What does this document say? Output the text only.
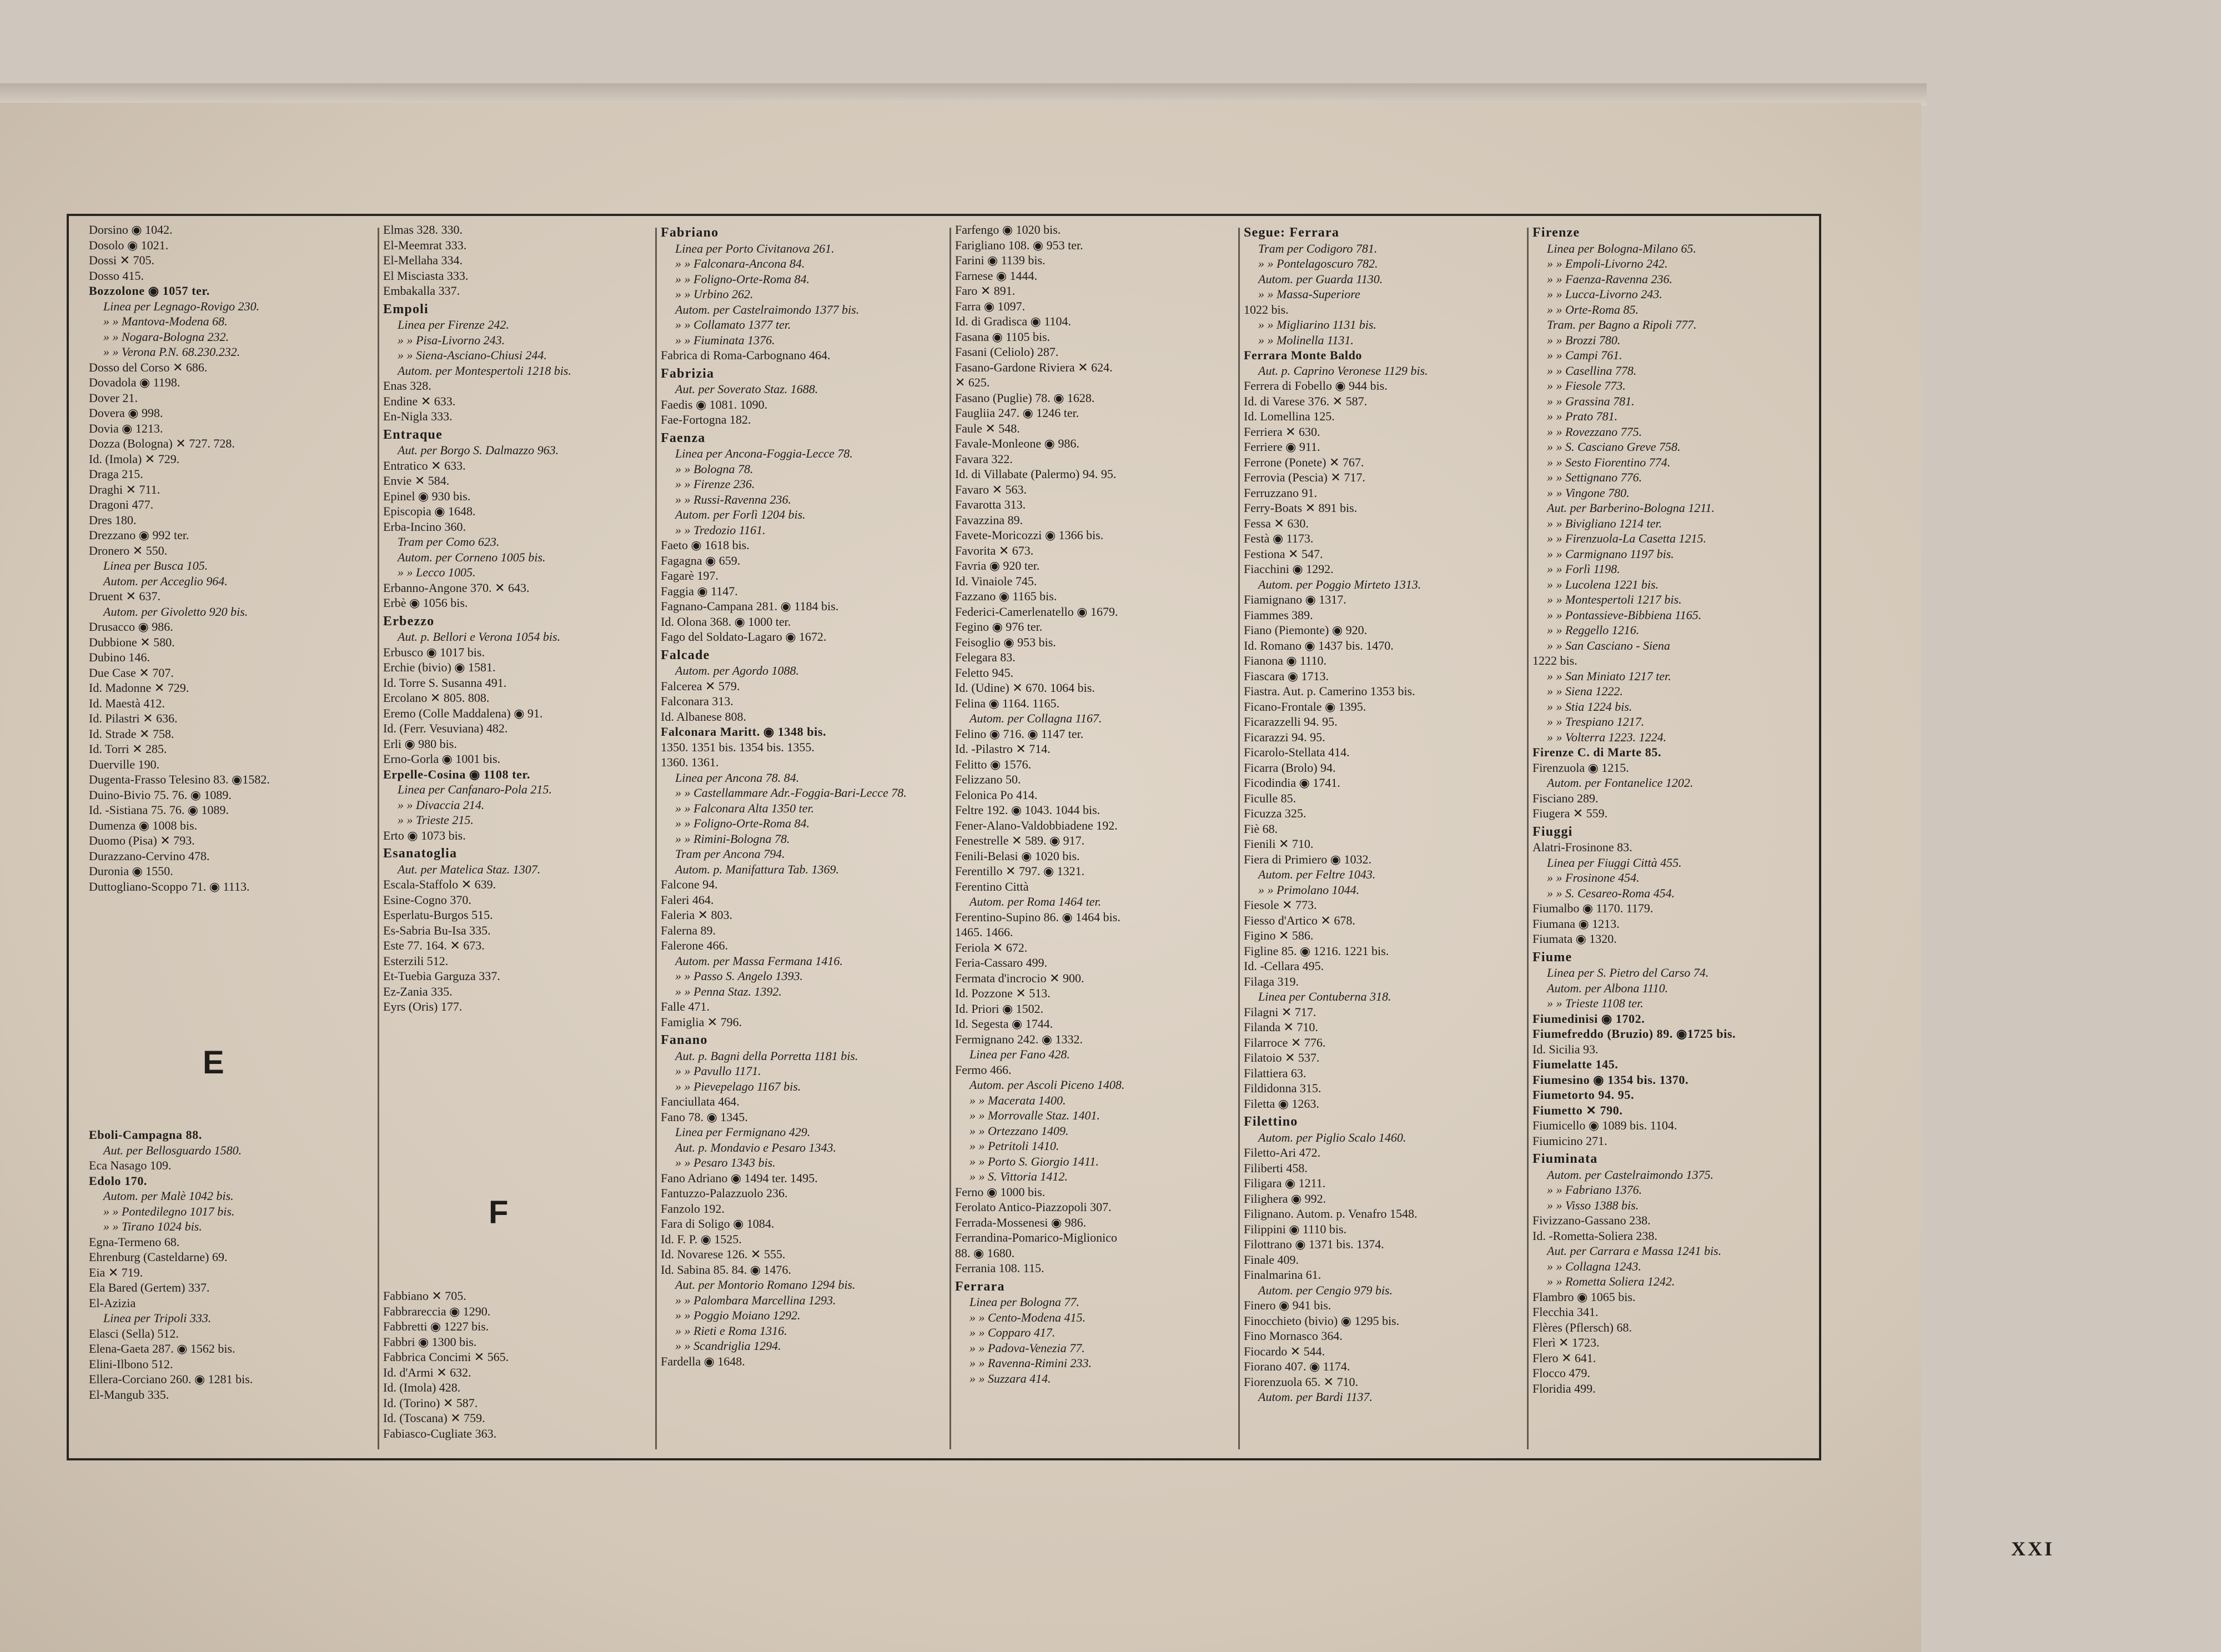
Dorsino ◉ 1042.
Dosolo ◉ 1021.
Dossi ✕ 705.
Dosso 415.
Bozzolone ◉ 1057 ter.
Linea per Legnago-Rovigo 230.
» » Mantova-Modena 68.
» » Nogara-Bologna 232.
» » Verona P.N. 68.230.232.
Dosso del Corso ✕ 686.
Dovadola ◉ 1198.
Dover 21.
Dovera ◉ 998.
Dovia ◉ 1213.
Dozza (Bologna) ✕ 727. 728.
Id. (Imola) ✕ 729.
Draga 215.
Draghi ✕ 711.
Dragoni 477.
Dres 180.
Drezzano ◉ 992 ter.
Dronero ✕ 550.
Linea per Busca 105.
Autom. per Acceglio 964.
Druent ✕ 637.
Autom. per Givoletto 920 bis.
Drusacco ◉ 986.
Dubbione ✕ 580.
Dubino 146.
Due Case ✕ 707.
Id. Madonne ✕ 729.
Id. Maestà 412.
Id. Pilastri ✕ 636.
Id. Strade ✕ 758.
Id. Torri ✕ 285.
Duerville 190.
Dugenta-Frasso Telesino 83. ◉1582.
Duino-Bivio 75. 76. ◉ 1089.
Id. -Sistiana 75. 76. ◉ 1089.
Dumenza ◉ 1008 bis.
Duomo (Pisa) ✕ 793.
Durazzano-Cervino 478.
Duronia ◉ 1550.
Duttogliano-Scoppo 71. ◉ 1113.
E
Eboli-Campagna 88.
Aut. per Bellosguardo 1580.
Eca Nasago 109.
Edolo 170.
Autom. per Malè 1042 bis.
» » Pontedilegno 1017 bis.
» » Tirano 1024 bis.
Egna-Termeno 68.
Ehrenburg (Casteldarne) 69.
Eia ✕ 719.
Ela Bared (Gertem) 337.
El-Azizia
Linea per Tripoli 333.
Elasci (Sella) 512.
Elena-Gaeta 287. ◉ 1562 bis.
Elini-Ilbono 512.
Ellera-Corciano 260. ◉ 1281 bis.
El-Mangub 335.
Elmas 328. 330.
El-Meemrat 333.
El-Mellaha 334.
El Misciasta 333.
Embakalla 337.
Empoli
Linea per Firenze 242.
» » Pisa-Livorno 243.
» » Siena-Asciano-Chiusi 244.
Autom. per Montespertoli 1218 bis.
Enas 328.
Endine ✕ 633.
En-Nigla 333.
Entraque
Aut. per Borgo S. Dalmazzo 963.
Entratico ✕ 633.
Envie ✕ 584.
Epinel ◉ 930 bis.
Episcopia ◉ 1648.
Erba-Incino 360.
Tram per Como 623.
Autom. per Corneno 1005 bis.
» » Lecco 1005.
Erbanno-Angone 370. ✕ 643.
Erbè ◉ 1056 bis.
Erbezzo
Aut. p. Bellori e Verona 1054 bis.
Erbusco ◉ 1017 bis.
Erchie (bivio) ◉ 1581.
Id. Torre S. Susanna 491.
Ercolano ✕ 805. 808.
Eremo (Colle Maddalena) ◉ 91.
Id. (Ferr. Vesuviana) 482.
Erli ◉ 980 bis.
Erno-Gorla ◉ 1001 bis.
Erpelle-Cosina ◉ 1108 ter.
Linea per Canfanaro-Pola 215.
» » Divaccia 214.
» » Trieste 215.
Erto ◉ 1073 bis.
Esanatoglia
Aut. per Matelica Staz. 1307.
Escala-Staffolo ✕ 639.
Esine-Cogno 370.
Esperlatu-Burgos 515.
Es-Sabria Bu-Isa 335.
Este 77. 164. ✕ 673.
Esterzili 512.
Et-Tuebia Garguza 337.
Ez-Zania 335.
Eyrs (Oris) 177.
F
Fabbiano ✕ 705.
Fabbrareccia ◉ 1290.
Fabbretti ◉ 1227 bis.
Fabbri ◉ 1300 bis.
Fabbrica Concimi ✕ 565.
Id. d'Armi ✕ 632.
Id. (Imola) 428.
Id. (Torino) ✕ 587.
Id. (Toscana) ✕ 759.
Fabiasco-Cugliate 363.
Fabriano
Linea per Porto Civitanova 261.
» » Falconara-Ancona 84.
» » Foligno-Orte-Roma 84.
» » Urbino 262.
Autom. per Castelraimondo 1377 bis.
» » Collamato 1377 ter.
» » Fiuminata 1376.
Fabrica di Roma-Carbognano 464.
Fabrizia
Aut. per Soverato Staz. 1688.
Faedis ◉ 1081. 1090.
Fae-Fortogna 182.
Faenza
Linea per Ancona-Foggia-Lecce 78.
» » Bologna 78.
» » Firenze 236.
» » Russi-Ravenna 236.
Autom. per Forlì 1204 bis.
» » Tredozio 1161.
Faeto ◉ 1618 bis.
Fagagna ◉ 659.
Fagarè 197.
Faggia ◉ 1147.
Fagnano-Campana 281. ◉ 1184 bis.
Id. Olona 368. ◉ 1000 ter.
Fago del Soldato-Lagaro ◉ 1672.
Falcade
Autom. per Agordo 1088.
Falcerea ✕ 579.
Falconara 313.
Id. Albanese 808.
Falconara Maritt. ◉ 1348 bis.
1350. 1351 bis. 1354 bis. 1355.
1360. 1361.
Linea per Ancona 78. 84.
» » Castellammare Adr.-Foggia-Bari-Lecce 78.
» » Falconara Alta 1350 ter.
» » Foligno-Orte-Roma 84.
» » Rimini-Bologna 78.
Tram per Ancona 794.
Autom. p. Manifattura Tab. 1369.
Falcone 94.
Faleri 464.
Faleria ✕ 803.
Falerna 89.
Falerone 466.
Autom. per Massa Fermana 1416.
» » Passo S. Angelo 1393.
» » Penna Staz. 1392.
Falle 471.
Famiglia ✕ 796.
Fanano
Aut. p. Bagni della Porretta 1181 bis.
» » Pavullo 1171.
» » Pievepelago 1167 bis.
Fanciullata 464.
Fano 78. ◉ 1345.
Linea per Fermignano 429.
Aut. p. Mondavio e Pesaro 1343.
» » Pesaro 1343 bis.
Fano Adriano ◉ 1494 ter. 1495.
Fantuzzo-Palazzuolo 236.
Fanzolo 192.
Fara di Soligo ◉ 1084.
Id. F. P. ◉ 1525.
Id. Novarese 126. ✕ 555.
Id. Sabina 85. 84. ◉ 1476.
Aut. per Montorio Romano 1294 bis.
» » Palombara Marcellina 1293.
» » Poggio Moiano 1292.
» » Rieti e Roma 1316.
» » Scandriglia 1294.
Fardella ◉ 1648.
Farfengo ◉ 1020 bis.
Farigliano 108. ◉ 953 ter.
Farini ◉ 1139 bis.
Farnese ◉ 1444.
Faro ✕ 891.
Farra ◉ 1097.
Id. di Gradisca ◉ 1104.
Fasana ◉ 1105 bis.
Fasani (Celiolo) 287.
Fasano-Gardone Riviera ✕ 624.
✕ 625.
Fasano (Puglie) 78. ◉ 1628.
Faugliia 247. ◉ 1246 ter.
Faule ✕ 548.
Favale-Monleone ◉ 986.
Favara 322.
Id. di Villabate (Palermo) 94. 95.
Favaro ✕ 563.
Favarotta 313.
Favazzina 89.
Favete-Moricozzi ◉ 1366 bis.
Favorita ✕ 673.
Favria ◉ 920 ter.
Id. Vinaiole 745.
Fazzano ◉ 1165 bis.
Federici-Camerlenatello ◉ 1679.
Fegino ◉ 976 ter.
Feisoglio ◉ 953 bis.
Felegara 83.
Feletto 945.
Id. (Udine) ✕ 670. 1064 bis.
Felina ◉ 1164. 1165.
Autom. per Collagna 1167.
Felino ◉ 716. ◉ 1147 ter.
Id. -Pilastro ✕ 714.
Felitto ◉ 1576.
Felizzano 50.
Felonica Po 414.
Feltre 192. ◉ 1043. 1044 bis.
Fener-Alano-Valdobbiadene 192.
Fenestrelle ✕ 589. ◉ 917.
Fenili-Belasi ◉ 1020 bis.
Ferentillo ✕ 797. ◉ 1321.
Ferentino Città
Autom. per Roma 1464 ter.
Ferentino-Supino 86. ◉ 1464 bis.
1465. 1466.
Feriola ✕ 672.
Feria-Cassaro 499.
Fermata d'incrocio ✕ 900.
Id. Pozzone ✕ 513.
Id. Priori ◉ 1502.
Id. Segesta ◉ 1744.
Fermignano 242. ◉ 1332.
Linea per Fano 428.
Fermo 466.
Autom. per Ascoli Piceno 1408.
» » Macerata 1400.
» » Morrovalle Staz. 1401.
» » Ortezzano 1409.
» » Petritoli 1410.
» » Porto S. Giorgio 1411.
» » S. Vittoria 1412.
Ferno ◉ 1000 bis.
Ferolato Antico-Piazzopoli 307.
Ferrada-Mossenesi ◉ 986.
Ferrandina-Pomarico-Miglionico
88. ◉ 1680.
Ferrania 108. 115.
Ferrara
Linea per Bologna 77.
» » Cento-Modena 415.
» » Copparo 417.
» » Padova-Venezia 77.
» » Ravenna-Rimini 233.
» » Suzzara 414.
Segue: Ferrara
Tram per Codigoro 781.
» » Pontelagoscuro 782.
Autom. per Guarda 1130.
» » Massa-Superiore
1022 bis.
» » Migliarino 1131 bis.
» » Molinella 1131.
Ferrara Monte Baldo
Aut. p. Caprino Veronese 1129 bis.
Ferrera di Fobello ◉ 944 bis.
Id. di Varese 376. ✕ 587.
Id. Lomellina 125.
Ferriera ✕ 630.
Ferriere ◉ 911.
Ferrone (Ponete) ✕ 767.
Ferrovia (Pescia) ✕ 717.
Ferruzzano 91.
Ferry-Boats ✕ 891 bis.
Fessa ✕ 630.
Festà ◉ 1173.
Festiona ✕ 547.
Fiacchini ◉ 1292.
Autom. per Poggio Mirteto 1313.
Fiamignano ◉ 1317.
Fiammes 389.
Fiano (Piemonte) ◉ 920.
Id. Romano ◉ 1437 bis. 1470.
Fianona ◉ 1110.
Fiascara ◉ 1713.
Fiastra. Aut. p. Camerino 1353 bis.
Ficano-Frontale ◉ 1395.
Ficarazzelli 94. 95.
Ficarazzi 94. 95.
Ficarolo-Stellata 414.
Ficarra (Brolo) 94.
Ficodindia ◉ 1741.
Ficulle 85.
Ficuzza 325.
Fiè 68.
Fienili ✕ 710.
Fiera di Primiero ◉ 1032.
Autom. per Feltre 1043.
» » Primolano 1044.
Fiesole ✕ 773.
Fiesso d'Artico ✕ 678.
Figino ✕ 586.
Figline 85. ◉ 1216. 1221 bis.
Id. -Cellara 495.
Filaga 319.
Linea per Contuberna 318.
Filagni ✕ 717.
Filanda ✕ 710.
Filarroce ✕ 776.
Filatoio ✕ 537.
Filattiera 63.
Fildidonna 315.
Filetta ◉ 1263.
Filettino
Autom. per Piglio Scalo 1460.
Filetto-Ari 472.
Filiberti 458.
Filigara ◉ 1211.
Filighera ◉ 992.
Filignano. Autom. p. Venafro 1548.
Filippini ◉ 1110 bis.
Filottrano ◉ 1371 bis. 1374.
Finale 409.
Finalmarina 61.
Autom. per Cengio 979 bis.
Finero ◉ 941 bis.
Finocchieto (bivio) ◉ 1295 bis.
Fino Mornasco 364.
Fiocardo ✕ 544.
Fiorano 407. ◉ 1174.
Fiorenzuola 65. ✕ 710.
Autom. per Bardi 1137.
Firenze
Linea per Bologna-Milano 65.
» » Empoli-Livorno 242.
» » Faenza-Ravenna 236.
» » Lucca-Livorno 243.
» » Orte-Roma 85.
Tram. per Bagno a Ripoli 777.
» » Brozzi 780.
» » Campi 761.
» » Casellina 778.
» » Fiesole 773.
» » Grassina 781.
» » Prato 781.
» » Rovezzano 775.
» » S. Casciano Greve 758.
» » Sesto Fiorentino 774.
» » Settignano 776.
» » Vingone 780.
Aut. per Barberino-Bologna 1211.
» » Bivigliano 1214 ter.
» » Firenzuola-La Casetta 1215.
» » Carmignano 1197 bis.
» » Forlì 1198.
» » Lucolena 1221 bis.
» » Montespertoli 1217 bis.
» » Pontassieve-Bibbiena 1165.
» » Reggello 1216.
» » San Casciano - Siena
1222 bis.
» » San Miniato 1217 ter.
» » Siena 1222.
» » Stia 1224 bis.
» » Trespiano 1217.
» » Volterra 1223. 1224.
Firenze C. di Marte 85.
Firenzuola ◉ 1215.
Autom. per Fontanelice 1202.
Fisciano 289.
Fiugera ✕ 559.
Fiuggi
Alatri-Frosinone 83.
Linea per Fiuggi Città 455.
» » Frosinone 454.
» » S. Cesareo-Roma 454.
Fiumalbo ◉ 1170. 1179.
Fiumana ◉ 1213.
Fiumata ◉ 1320.
Fiume
Linea per S. Pietro del Carso 74.
Autom. per Albona 1110.
» » Trieste 1108 ter.
Fiumedinisi ◉ 1702.
Fiumefreddo (Bruzio) 89. ◉1725 bis.
Id. Sicilia 93.
Fiumelatte 145.
Fiumesino ◉ 1354 bis. 1370.
Fiumetorto 94. 95.
Fiumetto ✕ 790.
Fiumicello ◉ 1089 bis. 1104.
Fiumicino 271.
Fiuminata
Autom. per Castelraimondo 1375.
» » Fabriano 1376.
» » Visso 1388 bis.
Fivizzano-Gassano 238.
Id. -Rometta-Soliera 238.
Aut. per Carrara e Massa 1241 bis.
» » Collagna 1243.
» » Rometta Soliera 1242.
Flambro ◉ 1065 bis.
Flecchia 341.
Flères (Pflersch) 68.
Flerì ✕ 1723.
Flero ✕ 641.
Flocco 479.
Floridia 499.
XXI
